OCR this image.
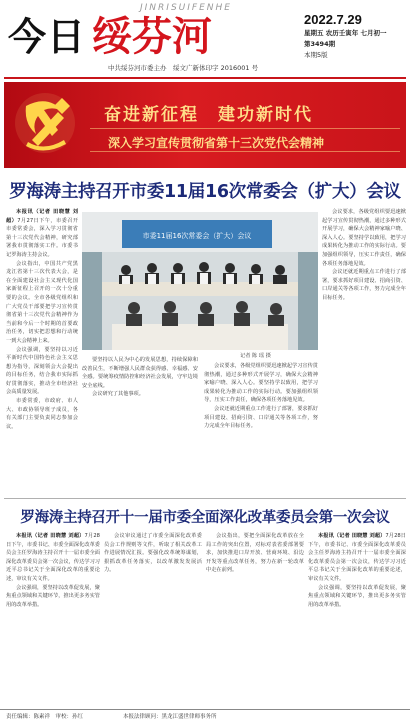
JINRISUIFENHE
今日 绥芬河
中共绥芬河市委主办　绥文广新体印字 2016001 号
2022.7.29
星期五 农历壬寅年 七月初一
第3494期
本期5版
奋进新征程　建功新时代
深入学习宣传贯彻省第十三次党代会精神
罗海涛主持召开市委11届16次常委会（扩大）会议
本报讯（记者 田晓慧 刘超）7月27日下午，市委召开市委常委会，深入学习贯彻省第十三次党代会精神，研究部署我市贯彻落实工作。市委书记罗海涛主持会议。
会议指出，中国共产党黑龙江省第十三次代表大会，是在全面建设社会主义现代化国家新征程上召开的一次十分重要的会议。全市各级党组织和广大党员干部要把学习宣传贯彻省第十三次党代会精神作为当前和今后一个时期的首要政治任务，切实把思想和行动统一到大会精神上来。
会议强调，要坚持以习近平新时代中国特色社会主义思想为指导，深刻领会大会提出的目标任务，结合我市实际抓好贯彻落实，推动全市经济社会高质量发展。
市委常委，市政府、市人大、市政协领导班子成员，各有关部门主要负责同志参加会议。
要坚持以人民为中心的发展思想，持续保障和改善民生，不断增强人民群众获得感、幸福感、安全感。要统筹疫情防控和经济社会发展，守牢边境安全底线。
会议研究了其他事项。
会议要求，各级党组织要迅速掀起学习宣传贯彻热潮，通过多种形式开展学习，确保大会精神家喻户晓、深入人心。要坚持学以致用，把学习成果转化为推动工作的实际行动。要加强组织领导，压实工作责任，确保各项任务落地见效。
会议还就近期重点工作进行了部署，要求抓好项目建设、招商引资、口岸通关等各项工作，努力完成全年目标任务。
会议要求，各级党组织要迅速掀起学习宣传贯彻热潮，通过多种形式开展学习，确保大会精神家喻户晓、深入人心。要坚持学以致用，把学习成果转化为推动工作的实际行动。要加强组织领导，压实工作责任，确保各项任务落地见效。
会议还就近期重点工作进行了部署，要求抓好项目建设、招商引资、口岸通关等各项工作，努力完成全年目标任务。
市委11届16次常委会（扩大）会议
记者 陈 瑶 摄
罗海涛主持召开十一届市委全面深化改革委员会第一次会议
本报讯（记者 田晓慧 刘超）7月28日下午，市委书记、市委全面深化改革委员会主任罗海涛主持召开十一届市委全面深化改革委员会第一次会议，传达学习习近平总书记关于全面深化改革的重要论述，审议有关文件。
会议强调，要坚持以改革促发展，聚焦重点领域和关键环节，推出更多务实管用的改革举措。
会议审议通过了市委全面深化改革委员会工作规则等文件，听取了相关改革工作进展情况汇报。要强化改革统筹谋划，狠抓改革任务落实，以改革激发发展活力。
会议指出，要把全面深化改革放在全局工作的突出位置，对标对表省委部署要求，加快推进口岸开放、营商环境、沿边开发等重点改革任务，努力在新一轮改革中走在前列。
本报讯（记者 田晓慧 刘超）7月28日下午，市委书记、市委全面深化改革委员会主任罗海涛主持召开十一届市委全面深化改革委员会第一次会议，传达学习习近平总书记关于全面深化改革的重要论述，审议有关文件。
会议强调，要坚持以改革促发展，聚焦重点领域和关键环节，推出更多务实管用的改革举措。
责任编辑：陈素祥　审校：孙红	本报法律顾问：黑龙江盛世律师事务所
